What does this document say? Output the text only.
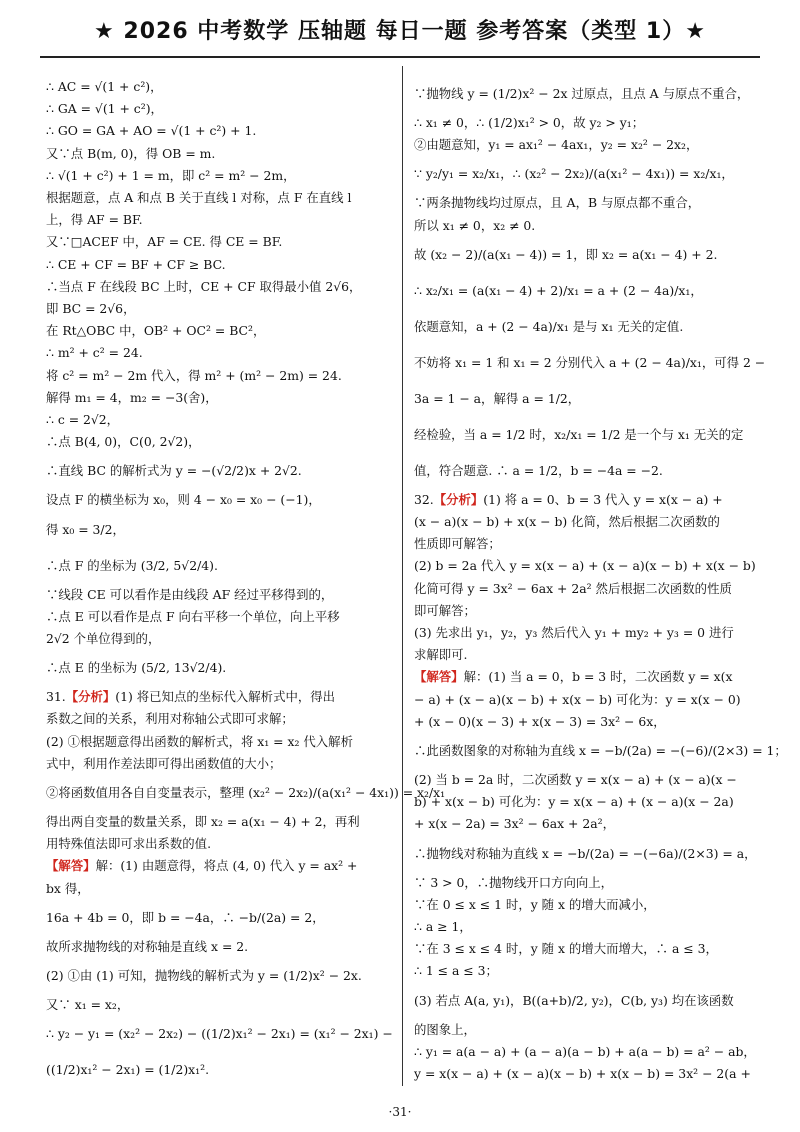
★ 2026 中考数学 压轴题 每日一题 参考答案（类型 1）★
∴ AC = √(1 + c²)，
∴ GA = √(1 + c²)，
∴ GO = GA + AO = √(1 + c²) + 1.
又∵点 B(m, 0)，得 OB = m.
∴ √(1 + c²) + 1 = m，即 c² = m² − 2m，
根据题意，点 A 和点 B 关于直线 l 对称，点 F 在直线 l
上，得 AF = BF.
又∵□ACEF 中，AF = CE. 得 CE = BF.
∴ CE + CF = BF + CF ≥ BC.
∴当点 F 在线段 BC 上时，CE + CF 取得最小值 2√6，
即 BC = 2√6，
在 Rt△OBC 中，OB² + OC² = BC²，
∴ m² + c² = 24.
将 c² = m² − 2m 代入，得 m² + (m² − 2m) = 24.
解得 m₁ = 4，m₂ = −3(舍)，
∴ c = 2√2，
∴点 B(4, 0)，C(0, 2√2)，
∴直线 BC 的解析式为 y = −(√2/2)x + 2√2.
设点 F 的横坐标为 x₀，则 4 − x₀ = x₀ − (−1)，
得 x₀ = 3/2，
∴点 F 的坐标为 (3/2, 5√2/4).
∵线段 CE 可以看作是由线段 AF 经过平移得到的，
∴点 E 可以看作是点 F 向右平移一个单位，向上平移
2√2 个单位得到的，
∴点 E 的坐标为 (5/2, 13√2/4).
31.【分析】(1) 将已知点的坐标代入解析式中，得出
系数之间的关系，利用对称轴公式即可求解；
(2) ①根据题意得出函数的解析式，将 x₁ = x₂ 代入解析
式中，利用作差法即可得出函数值的大小；
②将函数值用各自自变量表示，整理 (x₂² − 2x₂)/(a(x₁² − 4x₁)) = x₂/x₁
得出两自变量的数量关系，即 x₂ = a(x₁ − 4) + 2，再利
用特殊值法即可求出系数的值.
【解答】解：(1) 由题意得，将点 (4, 0) 代入 y = ax² +
bx 得，
16a + 4b = 0，即 b = −4a，∴ −b/(2a) = 2，
故所求抛物线的对称轴是直线 x = 2.
(2) ①由 (1) 可知，抛物线的解析式为 y = (1/2)x² − 2x.
又∵ x₁ = x₂，
∴ y₂ − y₁ = (x₂² − 2x₂) − ((1/2)x₁² − 2x₁) = (x₁² − 2x₁) −
((1/2)x₁² − 2x₁) = (1/2)x₁².
∵抛物线 y = (1/2)x² − 2x 过原点，且点 A 与原点不重合，
∴ x₁ ≠ 0，∴ (1/2)x₁² > 0，故 y₂ > y₁；
②由题意知，y₁ = ax₁² − 4ax₁，y₂ = x₂² − 2x₂，
∵ y₂/y₁ = x₂/x₁，∴ (x₂² − 2x₂)/(a(x₁² − 4x₁)) = x₂/x₁，
∵两条抛物线均过原点，且 A，B 与原点都不重合，
所以 x₁ ≠ 0，x₂ ≠ 0.
故 (x₂ − 2)/(a(x₁ − 4)) = 1，即 x₂ = a(x₁ − 4) + 2.
∴ x₂/x₁ = (a(x₁ − 4) + 2)/x₁ = a + (2 − 4a)/x₁，
依题意知，a + (2 − 4a)/x₁ 是与 x₁ 无关的定值.
不妨将 x₁ = 1 和 x₁ = 2 分别代入 a + (2 − 4a)/x₁，可得 2 −
3a = 1 − a，解得 a = 1/2，
经检验，当 a = 1/2 时，x₂/x₁ = 1/2 是一个与 x₁ 无关的定
值，符合题意. ∴ a = 1/2，b = −4a = −2.
32.【分析】(1) 将 a = 0、b = 3 代入 y = x(x − a) +
(x − a)(x − b) + x(x − b) 化简，然后根据二次函数的
性质即可解答；
(2) b = 2a 代入 y = x(x − a) + (x − a)(x − b) + x(x − b)
化简可得 y = 3x² − 6ax + 2a² 然后根据二次函数的性质
即可解答；
(3) 先求出 y₁，y₂，y₃ 然后代入 y₁ + my₂ + y₃ = 0 进行
求解即可.
【解答】解：(1) 当 a = 0，b = 3 时，二次函数 y = x(x
− a) + (x − a)(x − b) + x(x − b) 可化为：y = x(x − 0)
+ (x − 0)(x − 3) + x(x − 3) = 3x² − 6x，
∴此函数图象的对称轴为直线 x = −b/(2a) = −(−6)/(2×3) = 1；
(2) 当 b = 2a 时，二次函数 y = x(x − a) + (x − a)(x −
b) + x(x − b) 可化为：y = x(x − a) + (x − a)(x − 2a)
+ x(x − 2a) = 3x² − 6ax + 2a²，
∴抛物线对称轴为直线 x = −b/(2a) = −(−6a)/(2×3) = a，
∵ 3 > 0，∴抛物线开口方向向上，
∵在 0 ≤ x ≤ 1 时，y 随 x 的增大而减小，
∴ a ≥ 1，
∵在 3 ≤ x ≤ 4 时，y 随 x 的增大而增大，∴ a ≤ 3，
∴ 1 ≤ a ≤ 3；
(3) 若点 A(a, y₁)，B((a+b)/2, y₂)，C(b, y₃) 均在该函数
的图象上，
∴ y₁ = a(a − a) + (a − a)(a − b) + a(a − b) = a² − ab，
y = x(x − a) + (x − a)(x − b) + x(x − b) = 3x² − 2(a +
·31·
